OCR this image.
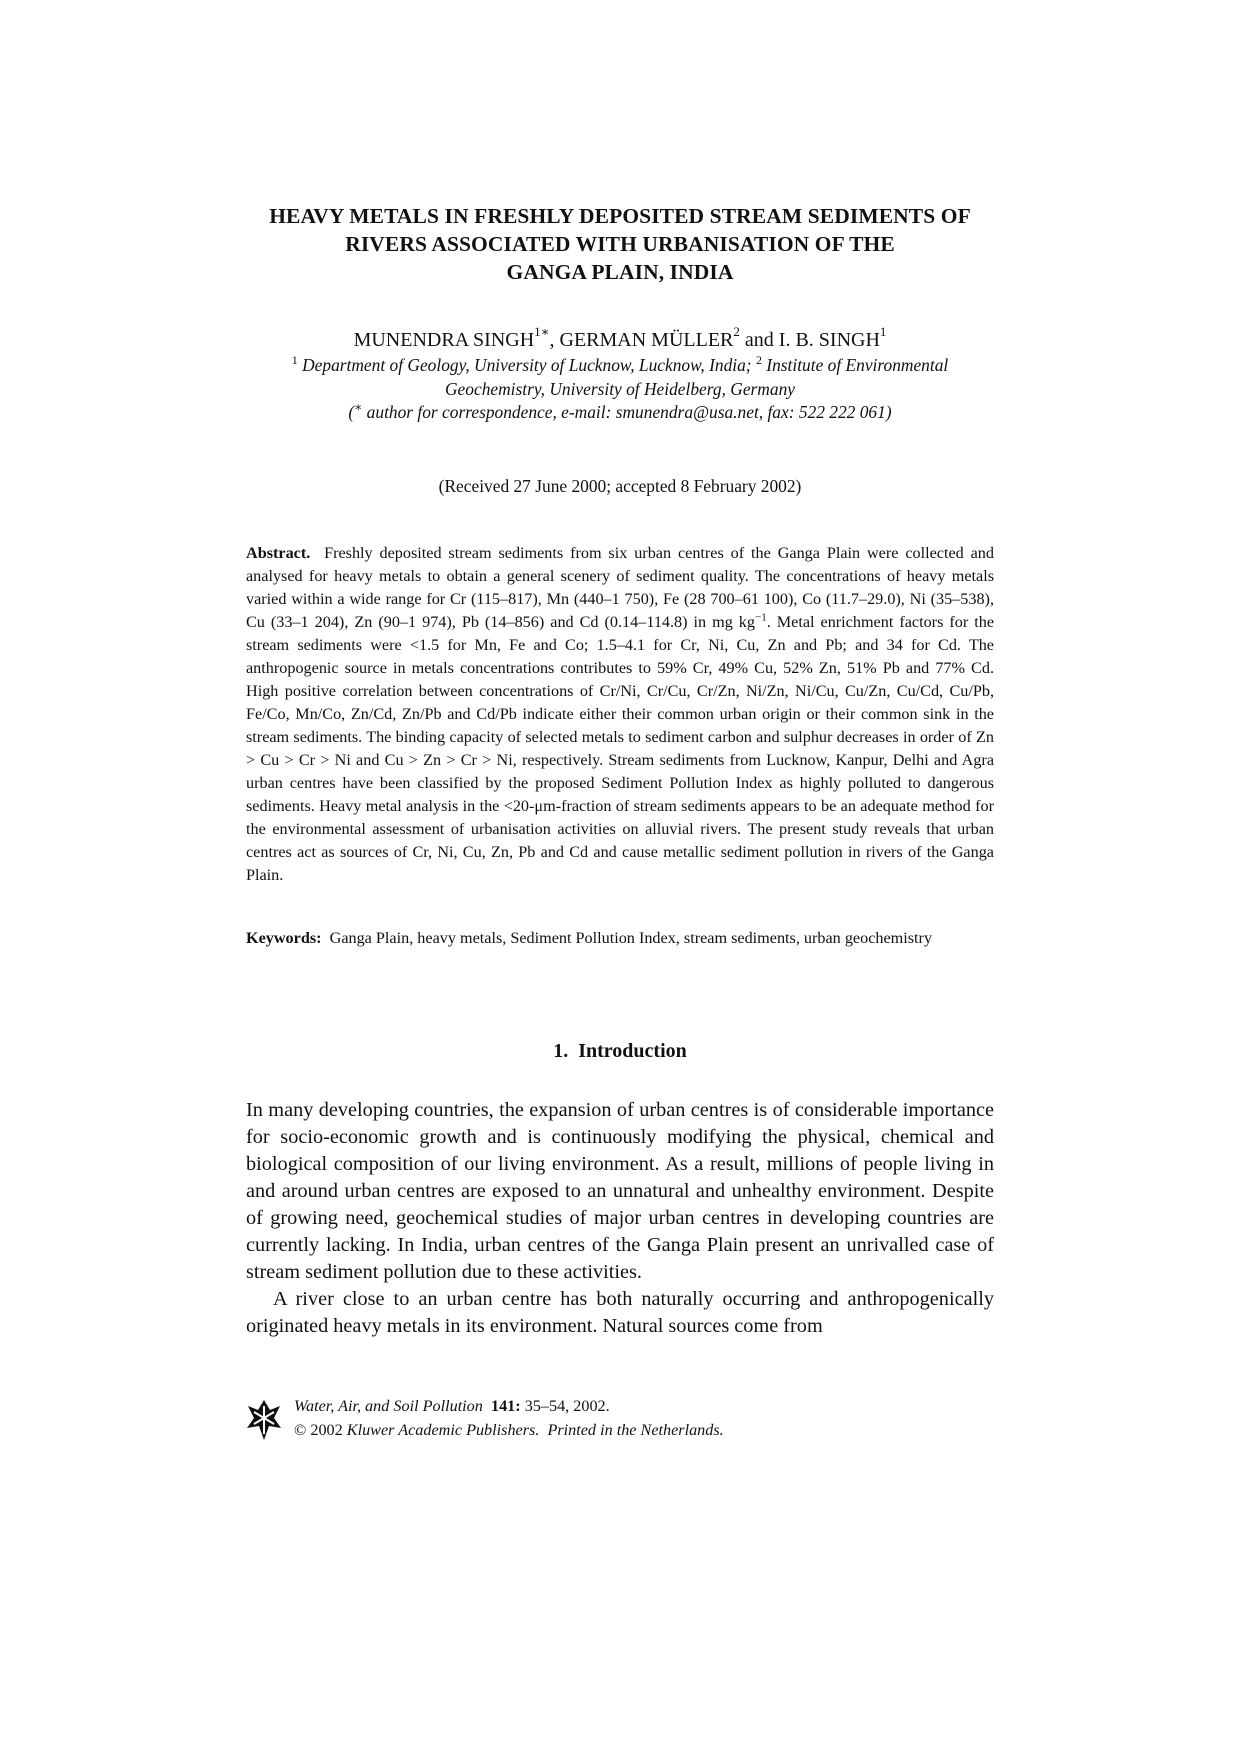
HEAVY METALS IN FRESHLY DEPOSITED STREAM SEDIMENTS OF
RIVERS ASSOCIATED WITH URBANISATION OF THE
GANGA PLAIN, INDIA
MUNENDRA $SINGH^{1∗}$, GERMAN MÜLLER$^2$ and I. B. SINGH$^1$
$^1$ Department of Geology, University of Lucknow, Lucknow, India; $^2$ Institute of Environmental
Geochemistry, University of Heidelberg, Germany
(∗ author for correspondence, e-mail: smunendra@usa.net, fax: 522 222 061)
(Received 27 June 2000; accepted 8 February 2002)
Abstract. Freshly deposited stream sediments from six urban centres of the Ganga Plain were collected and analysed for heavy metals to obtain a general scenery of sediment quality. The concentrations of heavy metals varied within a wide range for Cr (115–817), Mn (440–1 750), Fe (28 700–61 100), Co (11.7–29.0), Ni (35–538), Cu (33–1 204), Zn (90–1 974), Pb (14–856) and Cd (0.14–114.8) in mg $kg^{-1}$. Metal enrichment factors for the stream sediments were <1.5 for Mn, Fe and Co; 1.5–4.1 for Cr, Ni, Cu, Zn and Pb; and 34 for Cd. The anthropogenic source in metals concentrations contributes to 59% Cr, 49% Cu, 52% Zn, 51% Pb and 77% Cd. High positive correlation between concentrations of Cr/Ni, Cr/Cu, Cr/Zn, Ni/Zn, Ni/Cu, Cu/Zn, Cu/Cd, Cu/Pb, Fe/Co, Mn/Co, Zn/Cd, Zn/Pb and Cd/Pb indicate either their common urban origin or their common sink in the stream sediments. The binding capacity of selected metals to sediment carbon and sulphur decreases in order of Zn > Cu > Cr > Ni and Cu > Zn > Cr > Ni, respectively. Stream sediments from Lucknow, Kanpur, Delhi and Agra urban centres have been classified by the proposed Sediment Pollution Index as highly polluted to dangerous sediments. Heavy metal analysis in the <20-μm-fraction of stream sediments appears to be an adequate method for the environmental assessment of urbanisation activities on alluvial rivers. The present study reveals that urban centres act as sources of Cr, Ni, Cu, Zn, Pb and Cd and cause metallic sediment pollution in rivers of the Ganga Plain.
Keywords: Ganga Plain, heavy metals, Sediment Pollution Index, stream sediments, urban geochemistry
1. Introduction

In many developing countries, the expansion of urban centres is of considerable importance for socio-economic growth and is continuously modifying the physical, chemical and biological composition of our living environment. As a result, millions of people living in and around urban centres are exposed to an unnatural and unhealthy environment. Despite of growing need, geochemical studies of major urban centres in developing countries are currently lacking. In India, urban centres of the Ganga Plain present an unrivalled case of stream sediment pollution due to these activities.

A river close to an urban centre has both naturally occurring and anthropogenically originated heavy metals in its environment. Natural sources come from

Water, Air, and Soil Pollution 141: 35–54, 2002.
© 2002 Kluwer Academic Publishers. Printed in the Netherlands.
